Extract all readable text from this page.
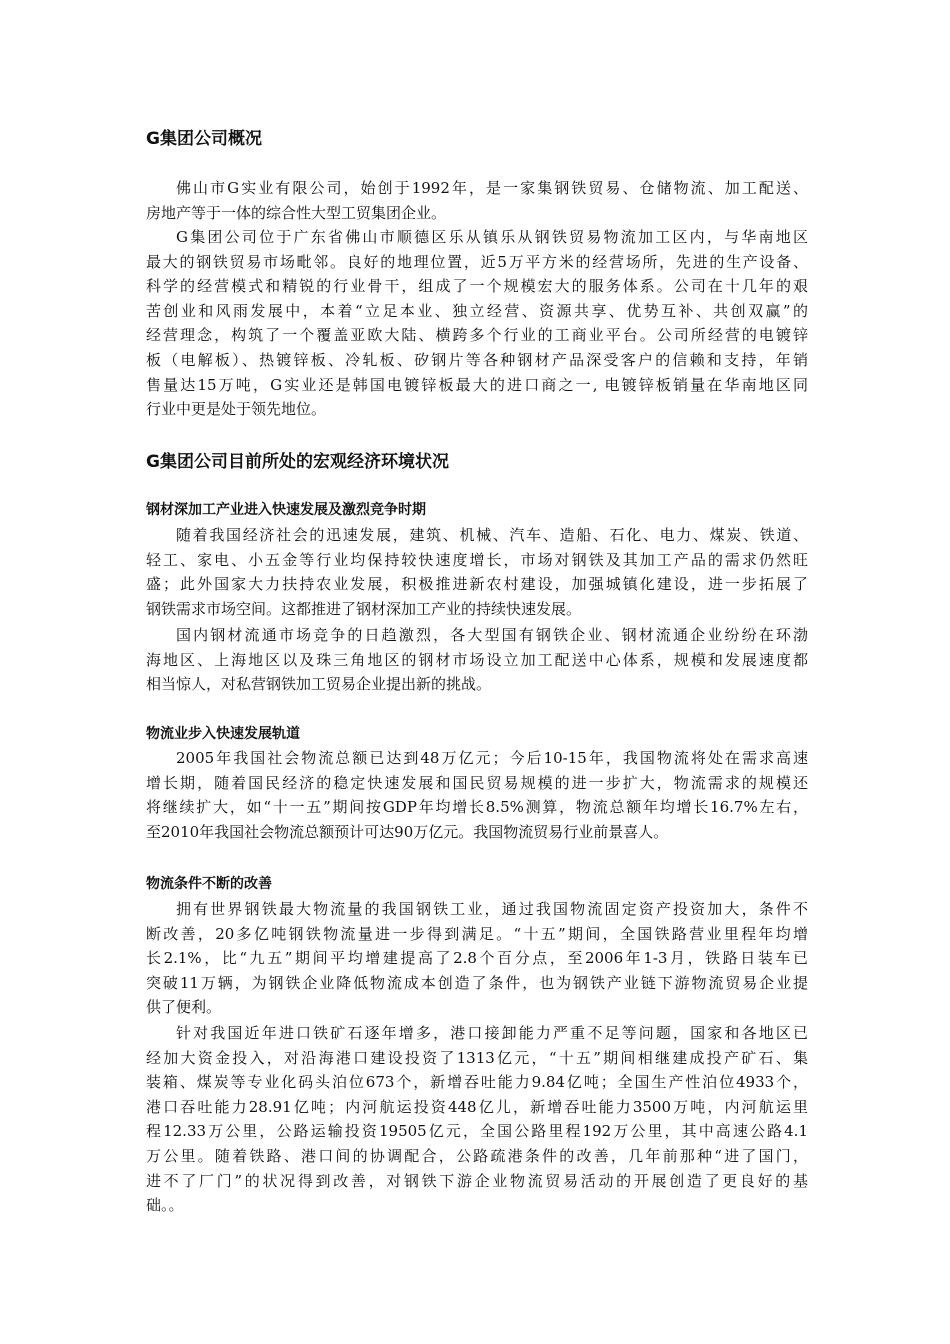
G集团公司概况
佛山市G实业有限公司，始创于1992年，是一家集钢铁贸易、仓储物流、加工配送、
房地产等于一体的综合性大型工贸集团企业。
G集团公司位于广东省佛山市顺德区乐从镇乐从钢铁贸易物流加工区内，与华南地区
最大的钢铁贸易市场毗邻。良好的地理位置，近5万平方米的经营场所，先进的生产设备、
科学的经营模式和精锐的行业骨干，组成了一个规模宏大的服务体系。公司在十几年的艰
苦创业和风雨发展中，本着“立足本业、独立经营、资源共享、优势互补、共创双赢”的
经营理念，构筑了一个覆盖亚欧大陆、横跨多个行业的工商业平台。公司所经营的电镀锌
板（电解板）、热镀锌板、冷轧板、矽钢片等各种钢材产品深受客户的信赖和支持，年销
售量达15万吨，G实业还是韩国电镀锌板最大的进口商之一, 电镀锌板销量在华南地区同
行业中更是处于领先地位。
G集团公司目前所处的宏观经济环境状况
钢材深加工产业进入快速发展及激烈竞争时期
随着我国经济社会的迅速发展，建筑、机械、汽车、造船、石化、电力、煤炭、铁道、
轻工、家电、小五金等行业均保持较快速度增长，市场对钢铁及其加工产品的需求仍然旺
盛；此外国家大力扶持农业发展，积极推进新农村建设，加强城镇化建设，进一步拓展了
钢铁需求市场空间。这都推进了钢材深加工产业的持续快速发展。
国内钢材流通市场竞争的日趋激烈，各大型国有钢铁企业、钢材流通企业纷纷在环渤
海地区、上海地区以及珠三角地区的钢材市场设立加工配送中心体系，规模和发展速度都
相当惊人，对私营钢铁加工贸易企业提出新的挑战。
物流业步入快速发展轨道
2005年我国社会物流总额已达到48万亿元；今后10-15年，我国物流将处在需求高速
增长期，随着国民经济的稳定快速发展和国民贸易规模的进一步扩大，物流需求的规模还
将继续扩大，如“十一五”期间按GDP年均增长8.5%测算，物流总额年均增长16.7%左右，
至2010年我国社会物流总额预计可达90万亿元。我国物流贸易行业前景喜人。
物流条件不断的改善
拥有世界钢铁最大物流量的我国钢铁工业，通过我国物流固定资产投资加大，条件不
断改善，20多亿吨钢铁物流量进一步得到满足。“十五”期间，全国铁路营业里程年均增
长2.1%，比“九五”期间平均增建提高了2.8个百分点，至2006年1-3月，铁路日装车已
突破11万辆，为钢铁企业降低物流成本创造了条件，也为钢铁产业链下游物流贸易企业提
供了便利。
针对我国近年进口铁矿石逐年增多，港口接卸能力严重不足等问题，国家和各地区已
经加大资金投入，对沿海港口建设投资了1313亿元，“十五”期间相继建成投产矿石、集
装箱、煤炭等专业化码头泊位673个，新增吞吐能力9.84亿吨；全国生产性泊位4933个，
港口吞吐能力28.91亿吨；内河航运投资448亿儿，新增吞吐能力3500万吨，内河航运里
程12.33万公里，公路运输投资19505亿元，全国公路里程192万公里，其中高速公路4.1
万公里。随着铁路、港口间的协调配合，公路疏港条件的改善，几年前那种“进了国门，
进不了厂门”的状况得到改善，对钢铁下游企业物流贸易活动的开展创造了更良好的基
础。。
